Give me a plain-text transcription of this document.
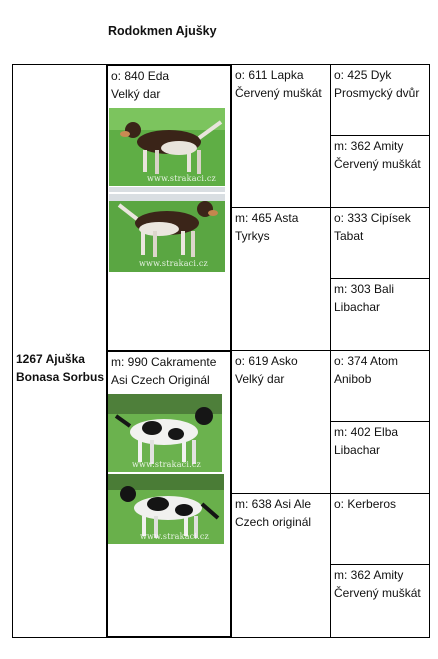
Rodokmen Ajušky
1267 Ajuška
Bonasa Sorbus
o: 840 Eda
Velký dar
m: 990 Cakramente
Asi Czech Originál
www.strakaci.cz
www.strakaci.cz
www.strakaci.cz
www.strakaci.cz
o: 611 Lapka
Červený muškát
m: 465 Asta
Tyrkys
o: 619 Asko
Velký dar
m: 638 Asi Ale
Czech originál
o: 425 Dyk
Prosmycký dvůr
m: 362 Amity
Červený muškát
o: 333 Cipísek
Tabat
m: 303 Bali
Libachar
o: 374 Atom
Anibob
m: 402 Elba
Libachar
o: Kerberos
m: 362 Amity
Červený muškát
